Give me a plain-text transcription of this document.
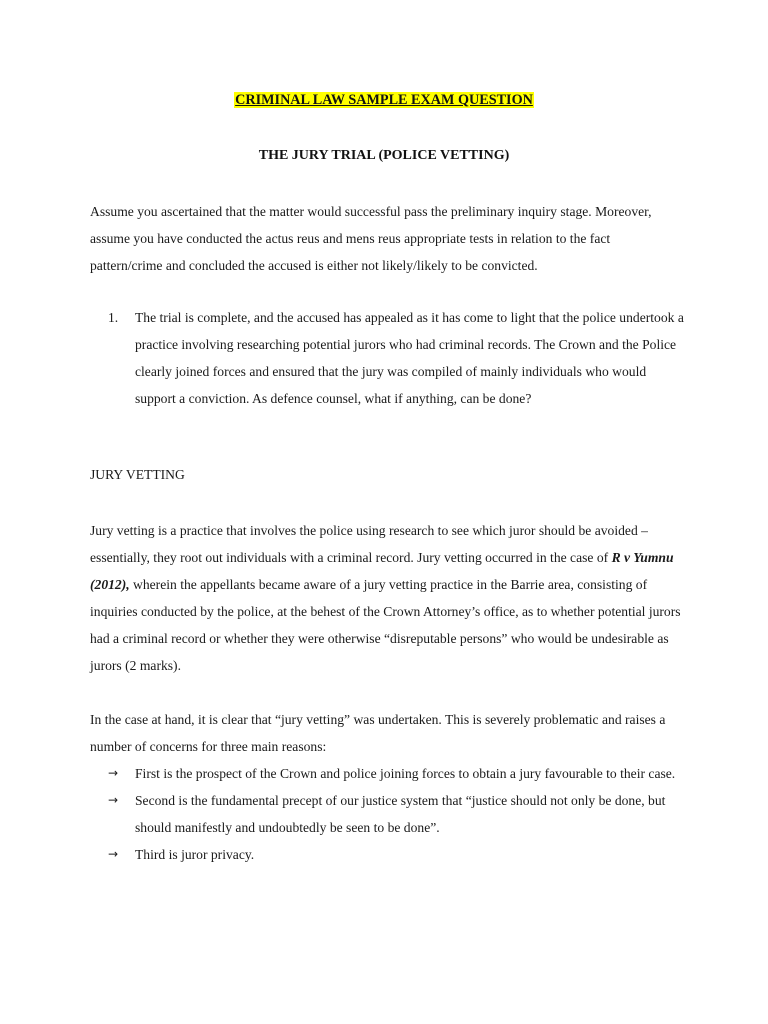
CRIMINAL LAW SAMPLE EXAM QUESTION
THE JURY TRIAL (POLICE VETTING)

Assume you ascertained that the matter would successful pass the preliminary inquiry stage. Moreover, assume you have conducted the actus reus and mens reus appropriate tests in relation to the fact pattern/crime and concluded the accused is either not likely/likely to be convicted.

1. The trial is complete, and the accused has appealed as it has come to light that the police undertook a practice involving researching potential jurors who had criminal records. The Crown and the Police clearly joined forces and ensured that the jury was compiled of mainly individuals who would support a conviction. As defence counsel, what if anything, can be done?

JURY VETTING

Jury vetting is a practice that involves the police using research to see which juror should be avoided – essentially, they root out individuals with a criminal record. Jury vetting occurred in the case of R v Yumnu (2012), wherein the appellants became aware of a jury vetting practice in the Barrie area, consisting of inquiries conducted by the police, at the behest of the Crown Attorney’s office, as to whether potential jurors had a criminal record or whether they were otherwise “disreputable persons” who would be undesirable as jurors (2 marks).

In the case at hand, it is clear that “jury vetting” was undertaken. This is severely problematic and raises a number of concerns for three main reasons:

→ First is the prospect of the Crown and police joining forces to obtain a jury favourable to their case.
→ Second is the fundamental precept of our justice system that “justice should not only be done, but should manifestly and undoubtedly be seen to be done”.
→ Third is juror privacy.
